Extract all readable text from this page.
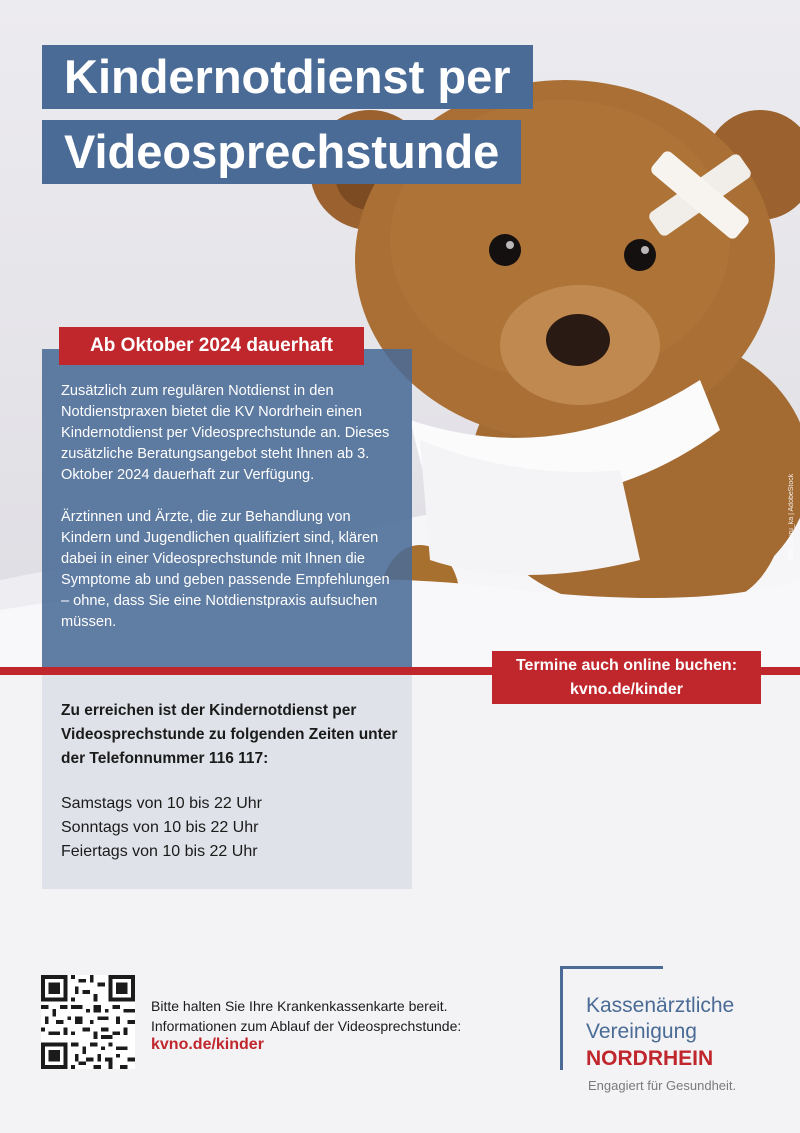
Bild: Shiru_ka | AdobeStock
Kindernotdienst per
Videosprechstunde
Ab Oktober 2024 dauerhaft

Zusätzlich zum regulären Notdienst in den Notdienstpraxen bietet die KV Nordrhein einen Kindernotdienst per Videosprechstunde an. Dieses zusätzliche Beratungsangebot steht Ihnen ab 3. Oktober 2024 dauerhaft zur Verfügung.

Ärztinnen und Ärzte, die zur Behandlung von Kindern und Jugendlichen qualifiziert sind, klären dabei in einer Videosprechstunde mit Ihnen die Symptome ab und geben passende Empfehlungen – ohne, dass Sie eine Notdienstpraxis aufsuchen müssen.

Termine auch online buchen:
kvno.de/kinder
Zu erreichen ist der Kindernotdienst per Videosprechstunde zu folgenden Zeiten unter der Telefonnummer 116 117:
Samstags von 10 bis 22 Uhr
Sonntags von 10 bis 22 Uhr
Feiertags von 10 bis 22 Uhr
Bitte halten Sie Ihre Krankenkassenkarte bereit.
Informationen zum Ablauf der Videosprechstunde:
kvno.de/kinder
Kassenärztliche
Vereinigung
NORDRHEIN
Engagiert für Gesundheit.
